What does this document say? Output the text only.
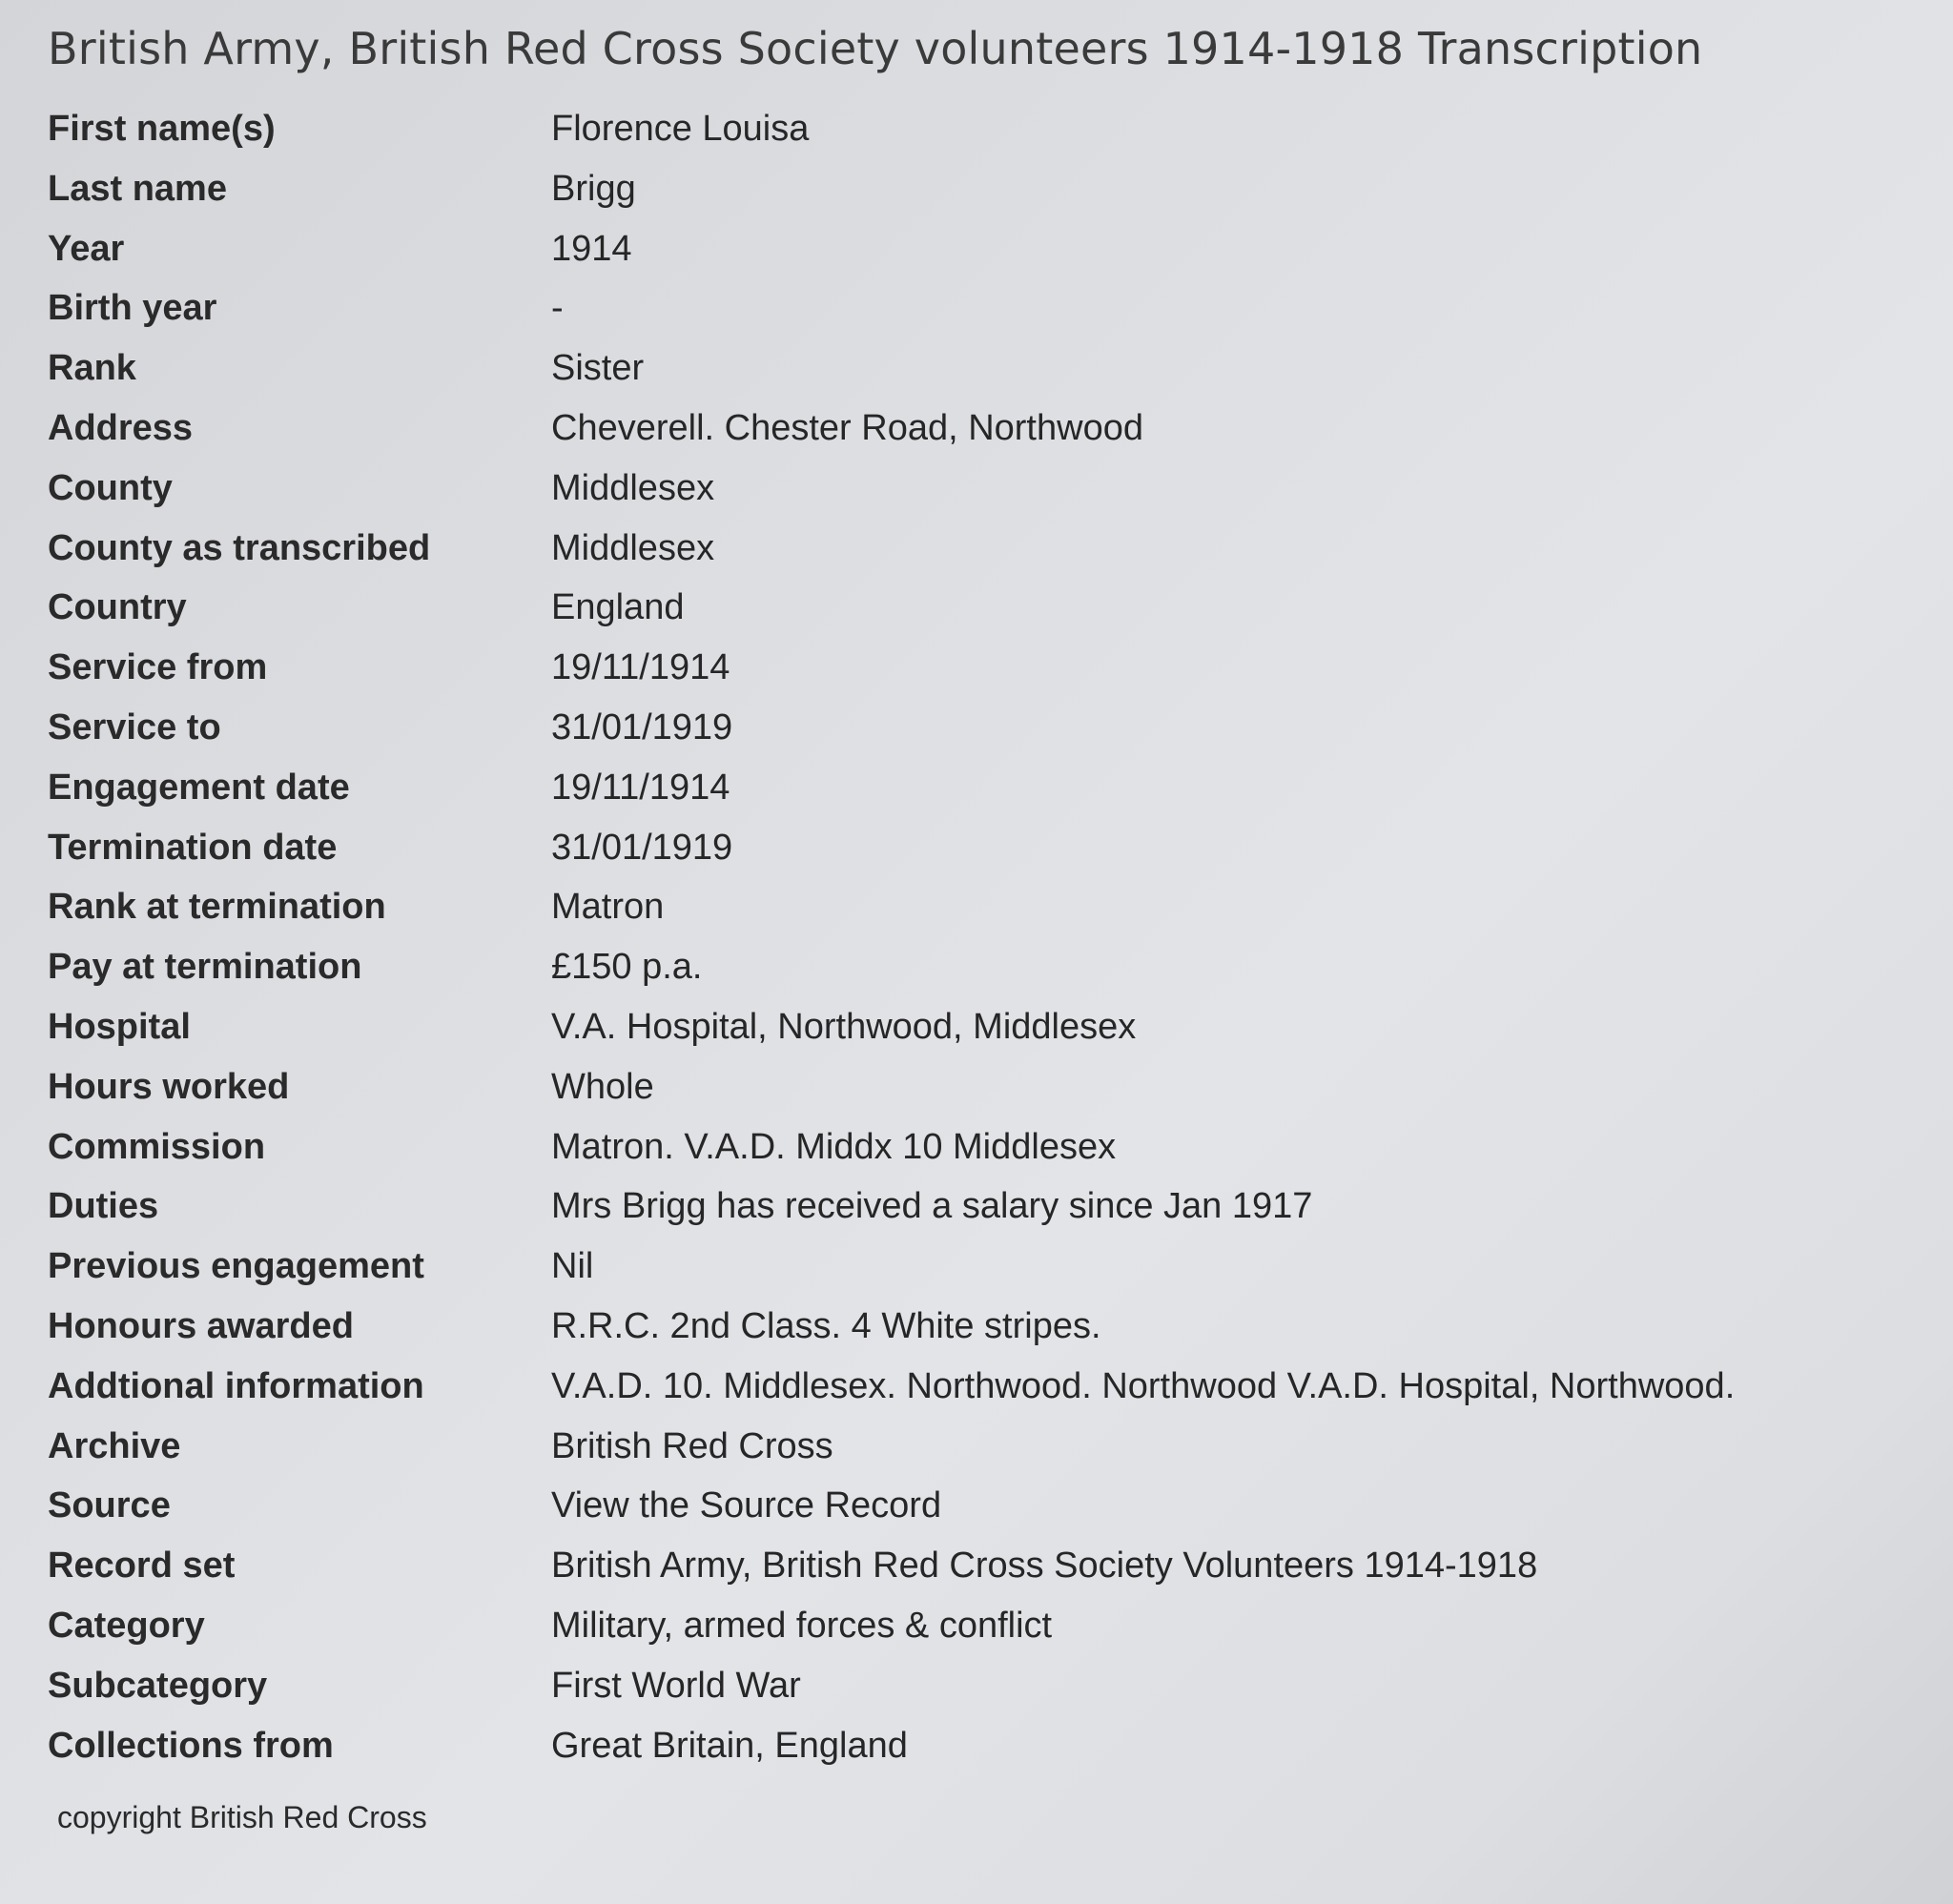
British Army, British Red Cross Society volunteers 1914-1918 Transcription
First name(s)	Florence Louisa
Last name	Brigg
Year	1914
Birth year	-
Rank	Sister
Address	Cheverell. Chester Road, Northwood
County	Middlesex
County as transcribed	Middlesex
Country	England
Service from	19/11/1914
Service to	31/01/1919
Engagement date	19/11/1914
Termination date	31/01/1919
Rank at termination	Matron
Pay at termination	£150 p.a.
Hospital	V.A. Hospital, Northwood, Middlesex
Hours worked	Whole
Commission	Matron. V.A.D. Middx 10 Middlesex
Duties	Mrs Brigg has received a salary since Jan 1917
Previous engagement	Nil
Honours awarded	R.R.C. 2nd Class. 4 White stripes.
Addtional information	V.A.D. 10. Middlesex. Northwood. Northwood V.A.D. Hospital, Northwood.
Archive	British Red Cross
Source	View the Source Record
Record set	British Army, British Red Cross Society Volunteers 1914-1918
Category	Military, armed forces & conflict
Subcategory	First World War
Collections from	Great Britain, England
copyright British Red Cross
